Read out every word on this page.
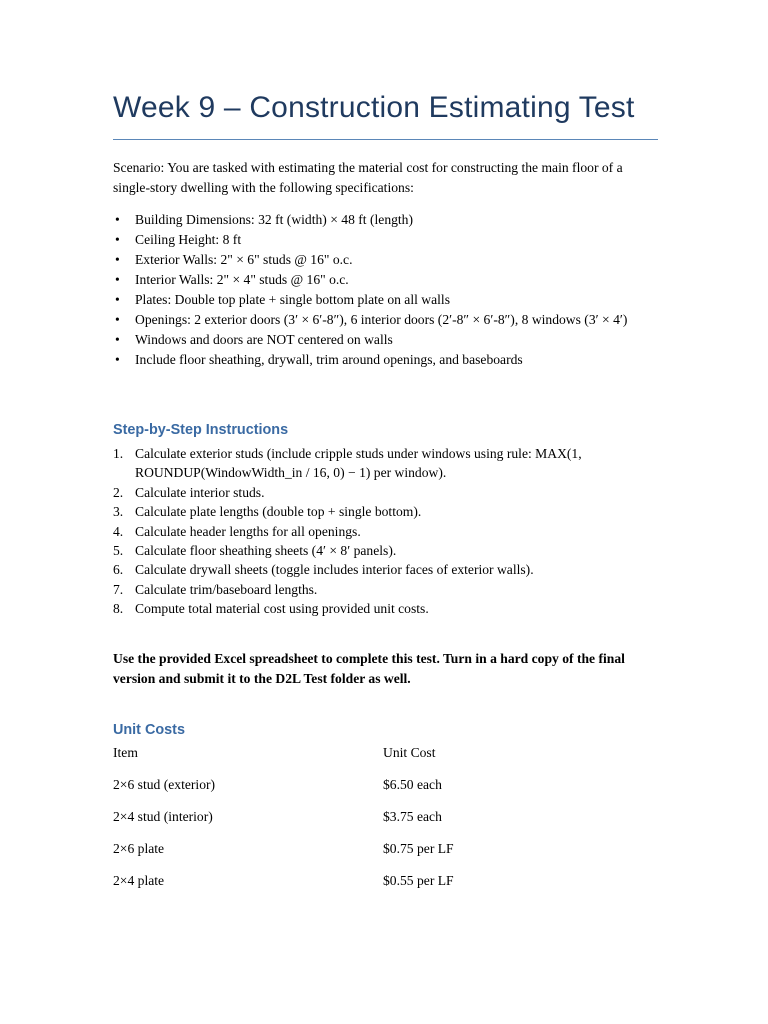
Week 9 – Construction Estimating Test
Scenario: You are tasked with estimating the material cost for constructing the main floor of a single-story dwelling with the following specifications:
• Building Dimensions: 32 ft (width) × 48 ft (length)
• Ceiling Height: 8 ft
• Exterior Walls: 2" × 6" studs @ 16" o.c.
• Interior Walls: 2" × 4" studs @ 16" o.c.
• Plates: Double top plate + single bottom plate on all walls
• Openings: 2 exterior doors (3′ × 6′-8″), 6 interior doors (2′-8″ × 6′-8″), 8 windows (3′ × 4′)
• Windows and doors are NOT centered on walls
• Include floor sheathing, drywall, trim around openings, and baseboards
Step-by-Step Instructions
1. Calculate exterior studs (include cripple studs under windows using rule: MAX(1, ROUNDUP(WindowWidth_in / 16, 0) − 1) per window).
2. Calculate interior studs.
3. Calculate plate lengths (double top + single bottom).
4. Calculate header lengths for all openings.
5. Calculate floor sheathing sheets (4′ × 8′ panels).
6. Calculate drywall sheets (toggle includes interior faces of exterior walls).
7. Calculate trim/baseboard lengths.
8. Compute total material cost using provided unit costs.
Use the provided Excel spreadsheet to complete this test. Turn in a hard copy of the final version and submit it to the D2L Test folder as well.
Unit Costs
Item	Unit Cost
2×6 stud (exterior)	$6.50 each
2×4 stud (interior)	$3.75 each
2×6 plate	$0.75 per LF
2×4 plate	$0.55 per LF
